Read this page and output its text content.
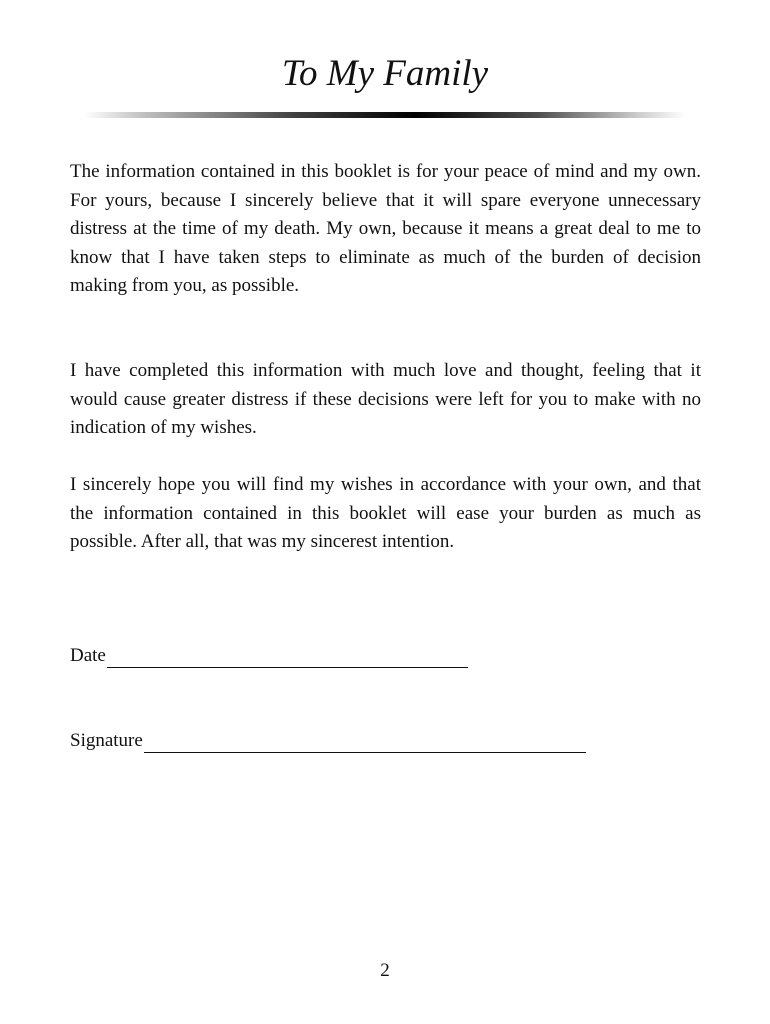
To My Family

The information contained in this booklet is for your peace of mind and my own. For yours, because I sincerely believe that it will spare everyone unnecessary distress at the time of my death. My own, because it means a great deal to me to know that I have taken steps to eliminate as much of the burden of decision making from you, as possible.

I have completed this information with much love and thought, feeling that it would cause greater distress if these decisions were left for you to make with no indication of my wishes.

I sincerely hope you will find my wishes in accordance with your own, and that the information contained in this booklet will ease your burden as much as possible. After all, that was my sincerest intention.

Date
Signature
2
